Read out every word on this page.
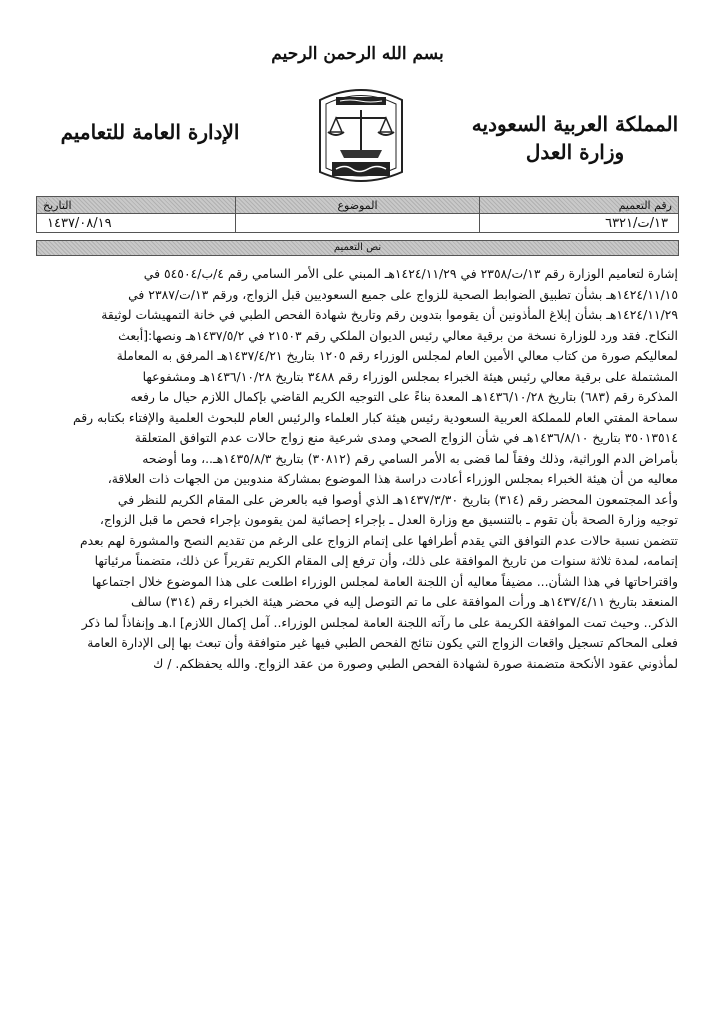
بسم الله الرحمن الرحيم
المملكة العربية السعوديه
وزارة العدل
الإدارة العامة للتعاميم
رقم التعميم	الموضوع	التاريخ
١٣/ت/٦٣٢١		١٤٣٧/٠٨/١٩
نص التعميم
إشارة لتعاميم الوزارة رقم ١٣/ت/٢٣٥٨ في ١٤٢٤/١١/٢٩هـ المبني على الأمر السامي رقم ٤/ب/٥٤٥٠٤ في
١٤٢٤/١١/١٥هـ بشأن تطبيق الضوابط الصحية للزواج على جميع السعوديين قبل الزواج، ورقم ١٣/ت/٢٣٨٧ في
١٤٢٤/١١/٢٩هـ بشأن إبلاغ المأذونين أن يقوموا بتدوين رقم وتاريخ شهادة الفحص الطبي في خانة التمهيشات لوثيقة
النكاح. فقد ورد للوزارة نسخة من برقية معالي رئيس الديوان الملكي رقم ٢١٥٠٣ في ١٤٣٧/٥/٢هـ ونصها:[أبعث
لمعاليكم صورة من كتاب معالي الأمين العام لمجلس الوزراء رقم ١٢٠٥ بتاريخ ١٤٣٧/٤/٢١هـ المرفق به المعاملة
المشتملة على برقية معالي رئيس هيئة الخبراء بمجلس الوزراء رقم ٣٤٨٨ بتاريخ ١٤٣٦/١٠/٢٨هـ ومشفوعها
المذكرة رقم (٦٨٣) بتاريخ ١٤٣٦/١٠/٢٨هـ المعدة بناءً على التوجيه الكريم القاضي بإكمال اللازم حيال ما رفعه
سماحة المفتي العام للمملكة العربية السعودية رئيس هيئة كبار العلماء والرئيس العام للبحوث العلمية والإفتاء بكتابه رقم
٣٥٠١٣٥١٤ بتاريخ ١٤٣٦/٨/١٠هـ في شأن الزواج الصحي ومدى شرعية منع زواج حالات عدم التوافق المتعلقة
بأمراض الدم الوراثية، وذلك وفقاً لما قضى به الأمر السامي رقم (٣٠٨١٢) بتاريخ ١٤٣٥/٨/٣هـ..، وما أوضحه
معاليه من أن هيئة الخبراء بمجلس الوزراء أعادت دراسة هذا الموضوع بمشاركة مندوبين من الجهات ذات العلاقة،
وأعد المجتمعون المحضر رقم (٣١٤) بتاريخ ١٤٣٧/٣/٣٠هـ الذي أوصوا فيه بالعرض على المقام الكريم للنظر في
توجيه وزارة الصحة بأن تقوم ـ بالتنسيق مع وزارة العدل ـ بإجراء إحصائية لمن يقومون بإجراء فحص ما قبل الزواج،
تتضمن نسبة حالات عدم التوافق التي يقدم أطرافها على إتمام الزواج على الرغم من تقديم النصح والمشورة لهم بعدم
إتمامه، لمدة ثلاثة سنوات من تاريخ الموافقة على ذلك، وأن ترفع إلى المقام الكريم تقريراً عن ذلك، متضمناً مرئياتها
واقتراحاتها في هذا الشأن... مضيفاً معاليه أن اللجنة العامة لمجلس الوزراء اطلعت على هذا الموضوع خلال اجتماعها
المنعقد بتاريخ ١٤٣٧/٤/١١هـ ورأت الموافقة على ما تم التوصل إليه في محضر هيئة الخبراء رقم (٣١٤) سالف
الذكر.. وحيث تمت الموافقة الكريمة على ما رآته اللجنة العامة لمجلس الوزراء.. آمل إكمال اللازم] ا.هـ وإنفاذاً لما ذكر
فعلى المحاكم تسجيل واقعات الزواج التي يكون نتائج الفحص الطبي فيها غير متوافقة وأن تبعث بها إلى الإدارة العامة
لمأذوني عقود الأنكحة متضمنة صورة لشهادة الفحص الطبي وصورة من عقد الزواج. والله يحفظكم. / ك
